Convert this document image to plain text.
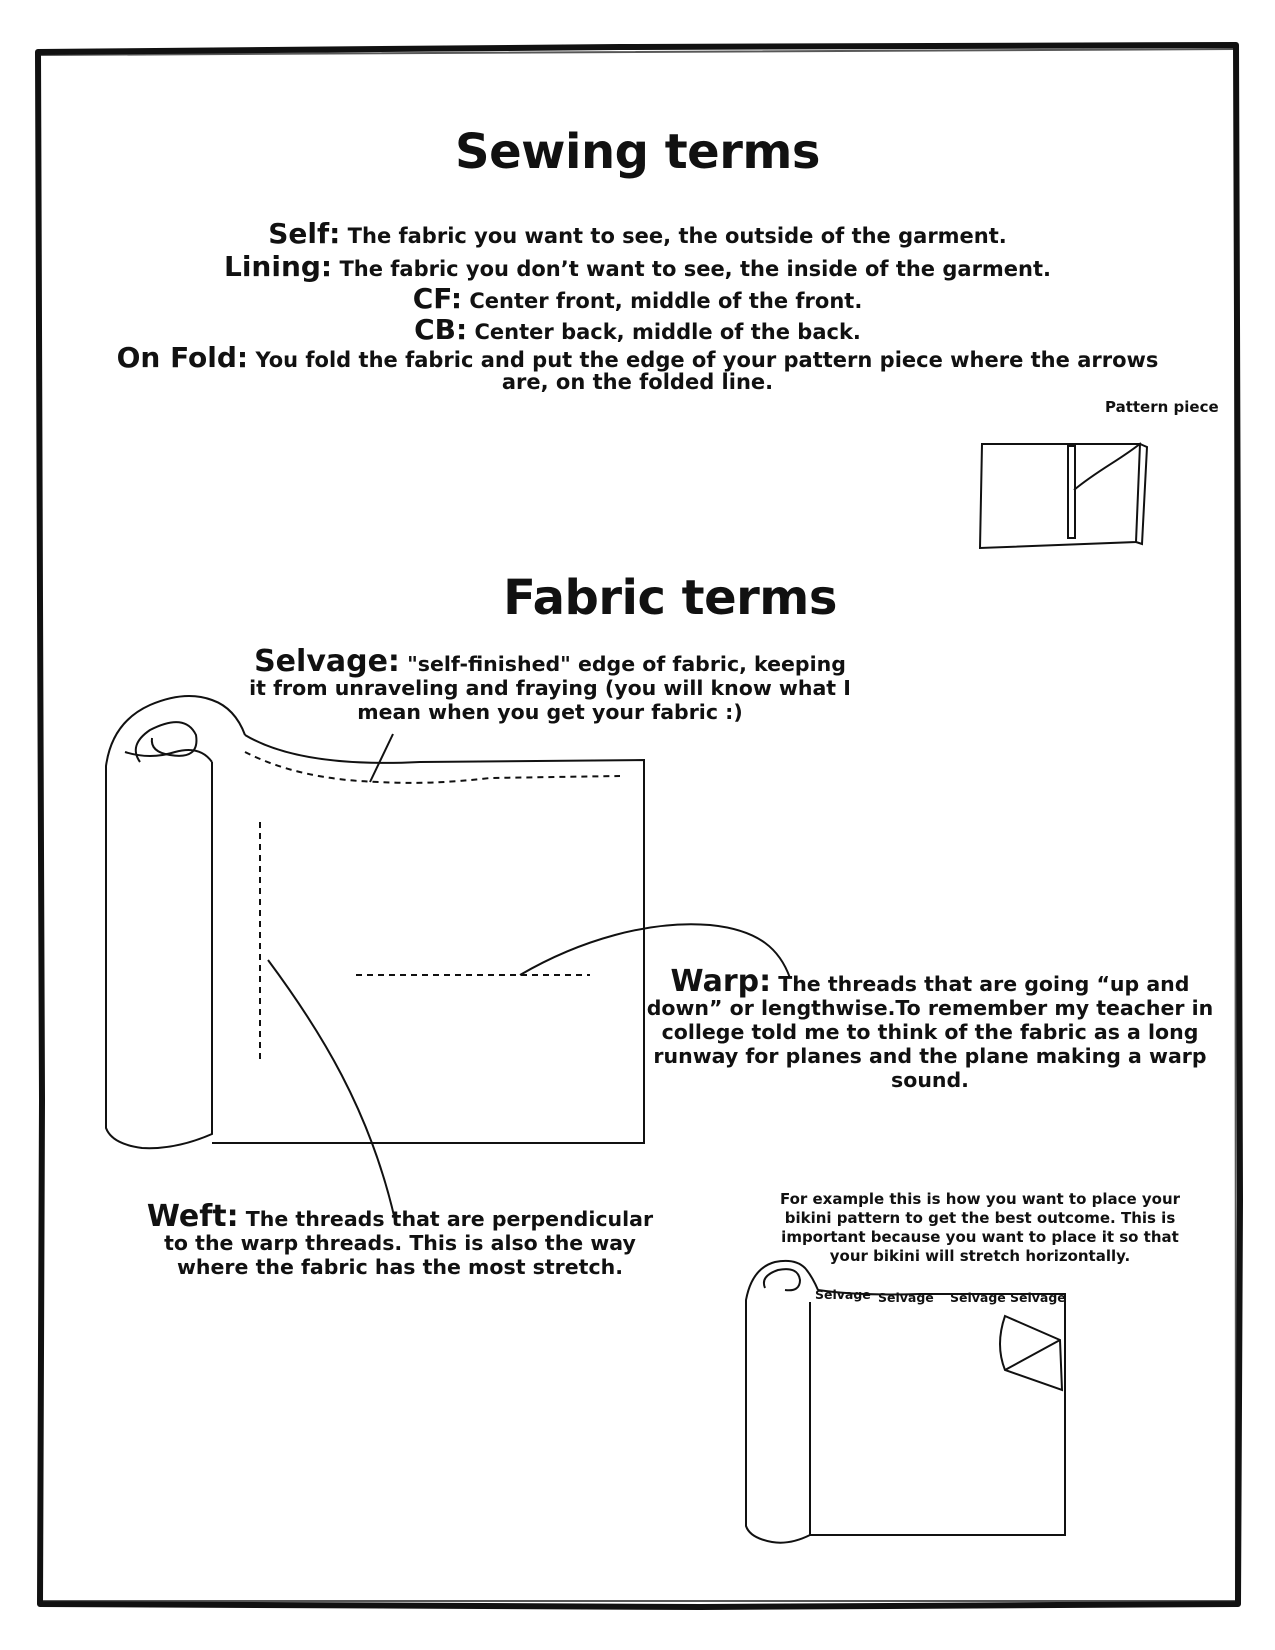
Sewing terms
Self: The fabric you want to see, the outside of the garment.
Lining: The fabric you don’t want to see, the inside of the garment.
CF: Center front, middle of the front.
CB: Center back, middle of the back.
On Fold: You fold the fabric and put the edge of your pattern piece where the arrows
are, on the folded line.
Pattern piece
Fabric terms
Selvage: "self-finished" edge of fabric, keeping
it from unraveling and fraying (you will know what I
mean when you get your fabric :)
Warp: The threads that are going “up and
down” or lengthwise.To remember my teacher in
college told me to think of the fabric as a long
runway for planes and the plane making a warp
sound.
Weft: The threads that are perpendicular
to the warp threads. This is also the way
where the fabric has the most stretch.
For example this is how you want to place your
bikini pattern to get the best outcome. This is
important because you want to place it so that
your bikini will stretch horizontally.
Selvage Selvage Selvage Selvage
